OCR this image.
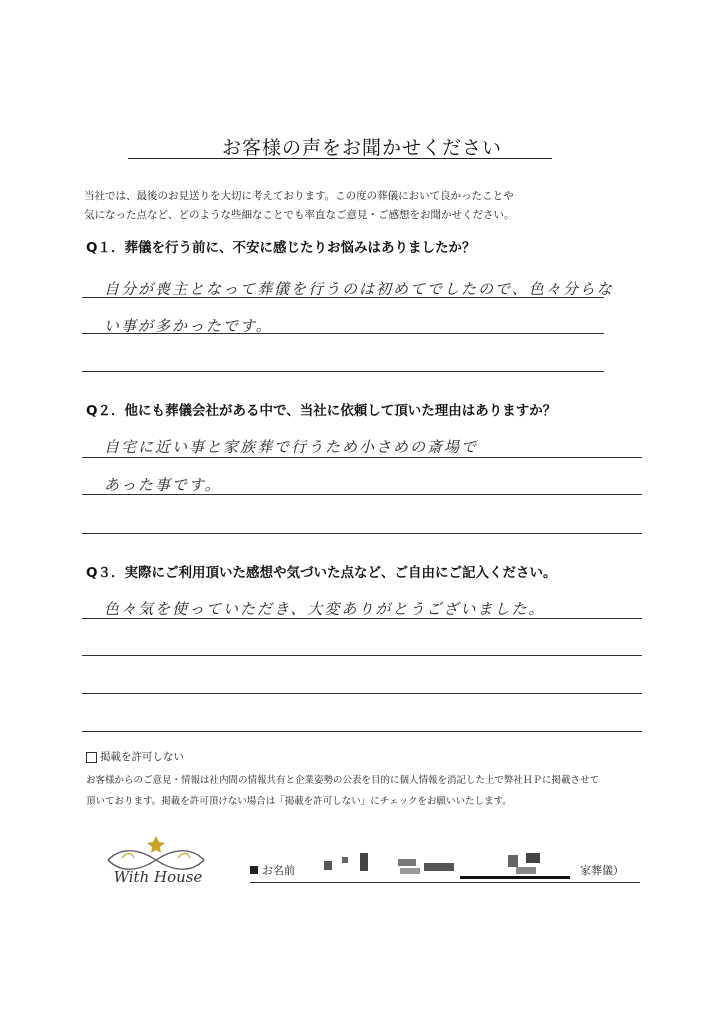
お客様の声をお聞かせください
当社では、最後のお見送りを大切に考えております。この度の葬儀において良かったことや
気になった点など、どのような些細なことでも率直なご意見・ご感想をお聞かせください。
Q１．葬儀を行う前に、不安に感じたりお悩みはありましたか？
自分が喪主となって葬儀を行うのは初めてでしたので、色々分らな
い事が多かったです。
Q２．他にも葬儀会社がある中で、当社に依頼して頂いた理由はありますか？
自宅に近い事と家族葬で行うため小さめの斎場で
あった事です。
Q３．実際にご利用頂いた感想や気づいた点など、ご自由にご記入ください。
色々気を使っていただき、大変ありがとうございました。
掲載を許可しない
お客様からのご意見・情報は社内間の情報共有と企業姿勢の公表を目的に個人情報を消記した上で弊社ＨＰに掲載させて
頂いております。掲載を許可頂けない場合は「掲載を許可しない」にチェックをお願いいたします。
With House	お名前	家葬儀）
